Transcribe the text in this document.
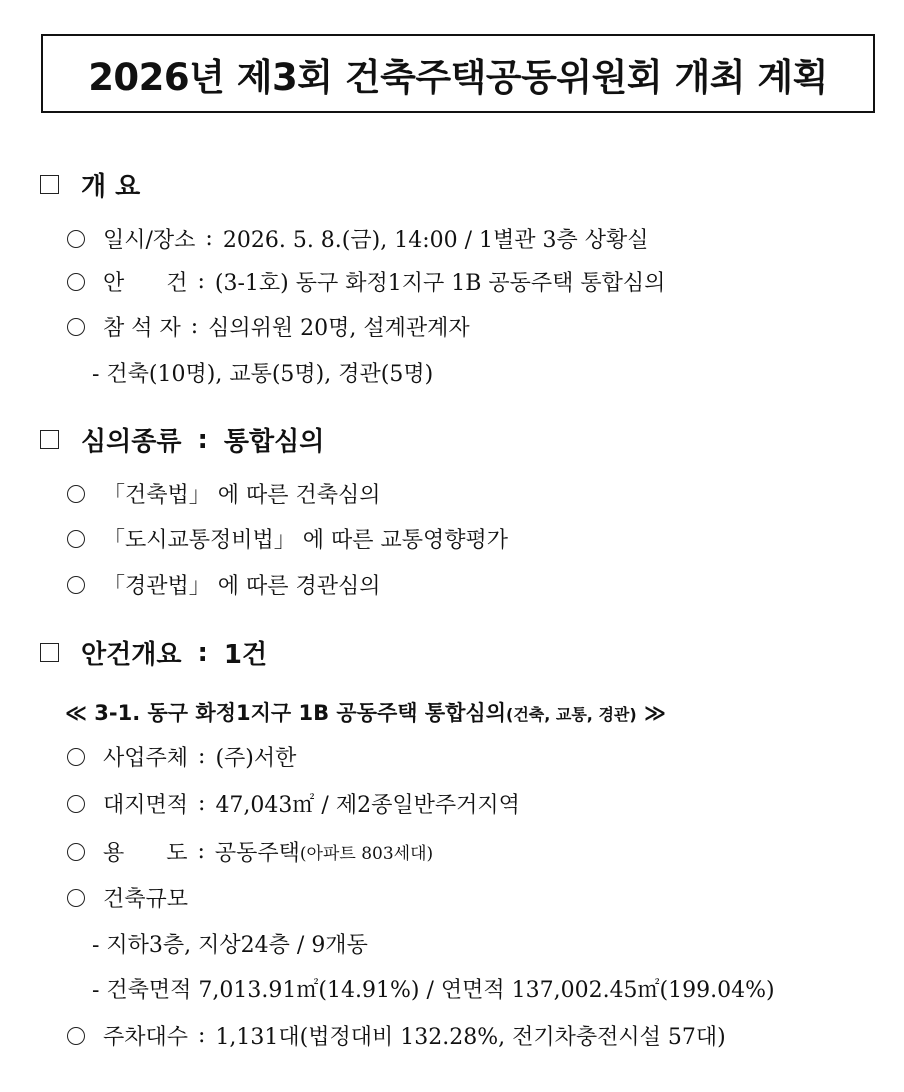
2026년 제3회 건축주택공동위원회 개최 계획
개 요
일시/장소 : 2026. 5. 8.(금), 14:00 / 1별관 3층 상황실
안      건 : (3-1호) 동구 화정1지구 1B 공동주택 통합심의
참 석 자 : 심의위원 20명, 설계관계자
- 건축(10명), 교통(5명), 경관(5명)
심의종류 : 통합심의
「건축법」 에 따른 건축심의
「도시교통정비법」 에 따른 교통영향평가
「경관법」 에 따른 경관심의
안건개요 : 1건
≪ 3-1. 동구 화정1지구 1B 공동주택 통합심의(건축, 교통, 경관) ≫
사업주체 : (주)서한
대지면적 : 47,043㎡ / 제2종일반주거지역
용      도 : 공동주택 (아파트 803세대)
건축규모
- 지하3층, 지상24층 / 9개동
- 건축면적 7,013.91㎡(14.91%) / 연면적 137,002.45㎡(199.04%)
주차대수 : 1,131대(법정대비 132.28%, 전기차충전시설 57대)
